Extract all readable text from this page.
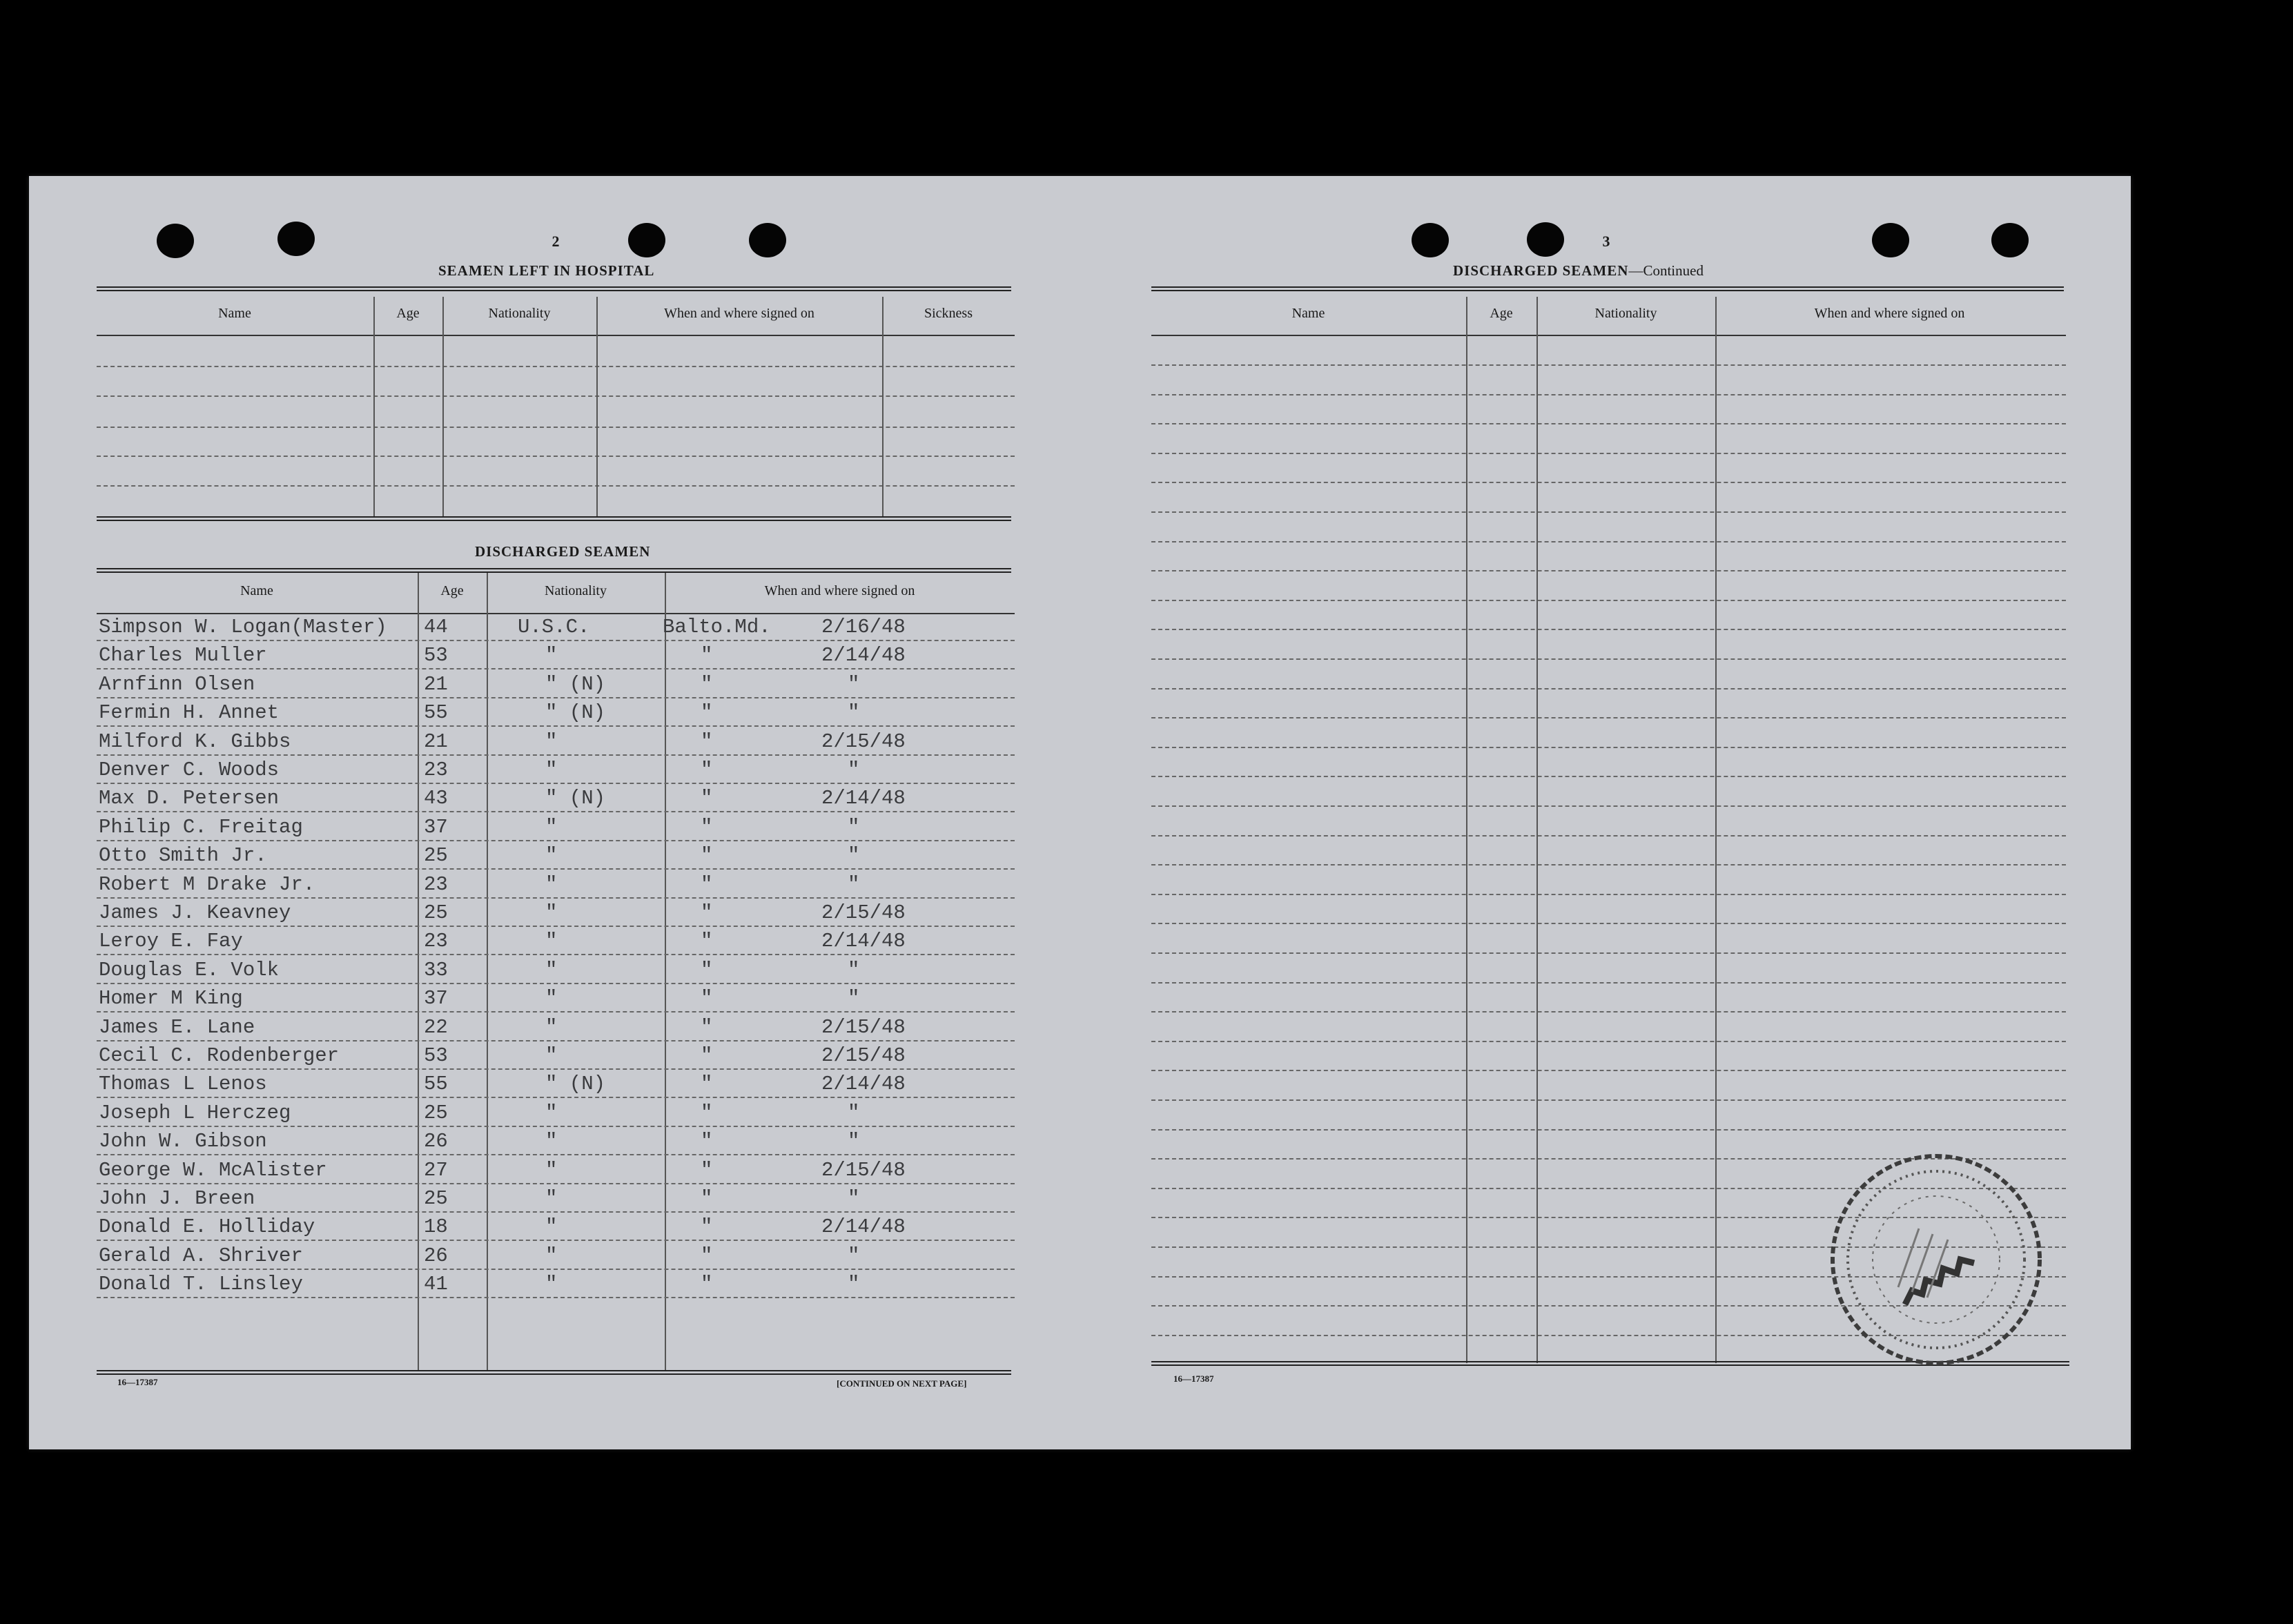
2
SEAMEN LEFT IN HOSPITAL
Name	Age	Nationality	When and where signed on	Sickness
DISCHARGED SEAMEN
Name	Age	Nationality	When and where signed on
Simpson W. Logan(Master) 44	U.S.C.	Balto.Md.	2/16/48
Charles Muller	53	"	"	2/14/48
Arnfinn Olsen	21	" (N)	"	"
Fermin H. Annet	55	" (N)	"	"
Milford K. Gibbs	21	"	"	2/15/48
Denver C. Woods	23	"	"	"
Max D. Petersen	43	" (N)	"	2/14/48
Philip C. Freitag	37	"	"	"
Otto Smith Jr.	25	"	"	"
Robert M Drake Jr.	23	"	"	"
James J. Keavney	25	"	"	2/15/48
Leroy E. Fay	23	"	"	2/14/48
Douglas E. Volk	33	"	"	"
Homer M King	37	"	"	"
James E. Lane	22	"	"	2/15/48
Cecil C. Rodenberger	53	"	"	2/15/48
Thomas L Lenos	55	" (N)	"	2/14/48
Joseph L Herczeg	25	"	"	"
John W. Gibson	26	"	"	"
George W. McAlister	27	"	"	2/15/48
John J. Breen	25	"	"	"
Donald E. Holliday	18	"	"	2/14/48
Gerald A. Shriver	26	"	"	"
Donald T. Linsley	41	"	"	"
16—17387	[CONTINUED ON NEXT PAGE]
3
DISCHARGED SEAMEN—Continued
Name	Age	Nationality	When and where signed on
16—17387
